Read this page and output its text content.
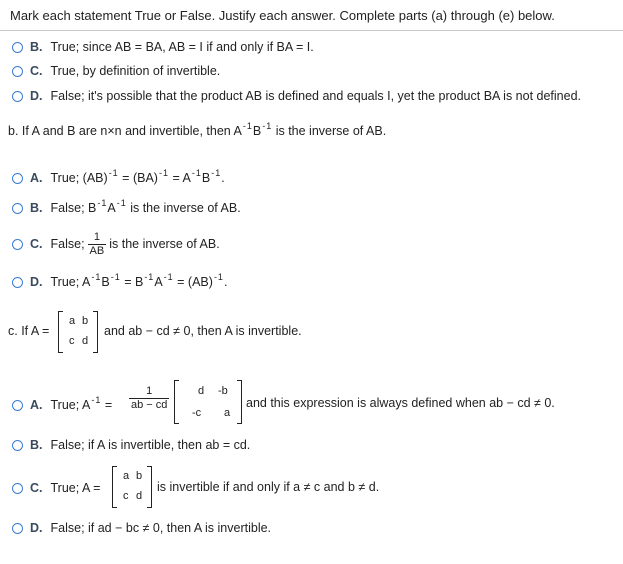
Mark each statement True or False. Justify each answer. Complete parts (a) through (e) below.
B. True; since AB = BA, AB = I if and only if BA = I.
C. True, by definition of invertible.
D. False; it's possible that the product AB is defined and equals I, yet the product BA is not defined.
b. If A and B are n×n and invertible, then $A^{-1}B^{-1}$ is the inverse of AB.
A. True; $(AB)^{-1} = (BA)^{-1} = A^{-1}B^{-1}$.
B. False; $B^{-1}A^{-1}$ is the inverse of AB.
C. False; $\frac{1}{AB}$ is the inverse of AB.
D. True; $A^{-1}B^{-1} = B^{-1}A^{-1} = (AB)^{-1}$.
c. If A =
a b
c d
and ab − cd ≠ 0, then A is invertible.
A. True; $A^{-1} = \frac{1}{ab - cd}$	d -b
-c a
and this expression is always defined when ab − cd ≠ 0.
B. False; if A is invertible, then ab = cd.
C. True; A =
a b
c d
is invertible if and only if a ≠ c and b ≠ d.
D. False; if ad − bc ≠ 0, then A is invertible.
